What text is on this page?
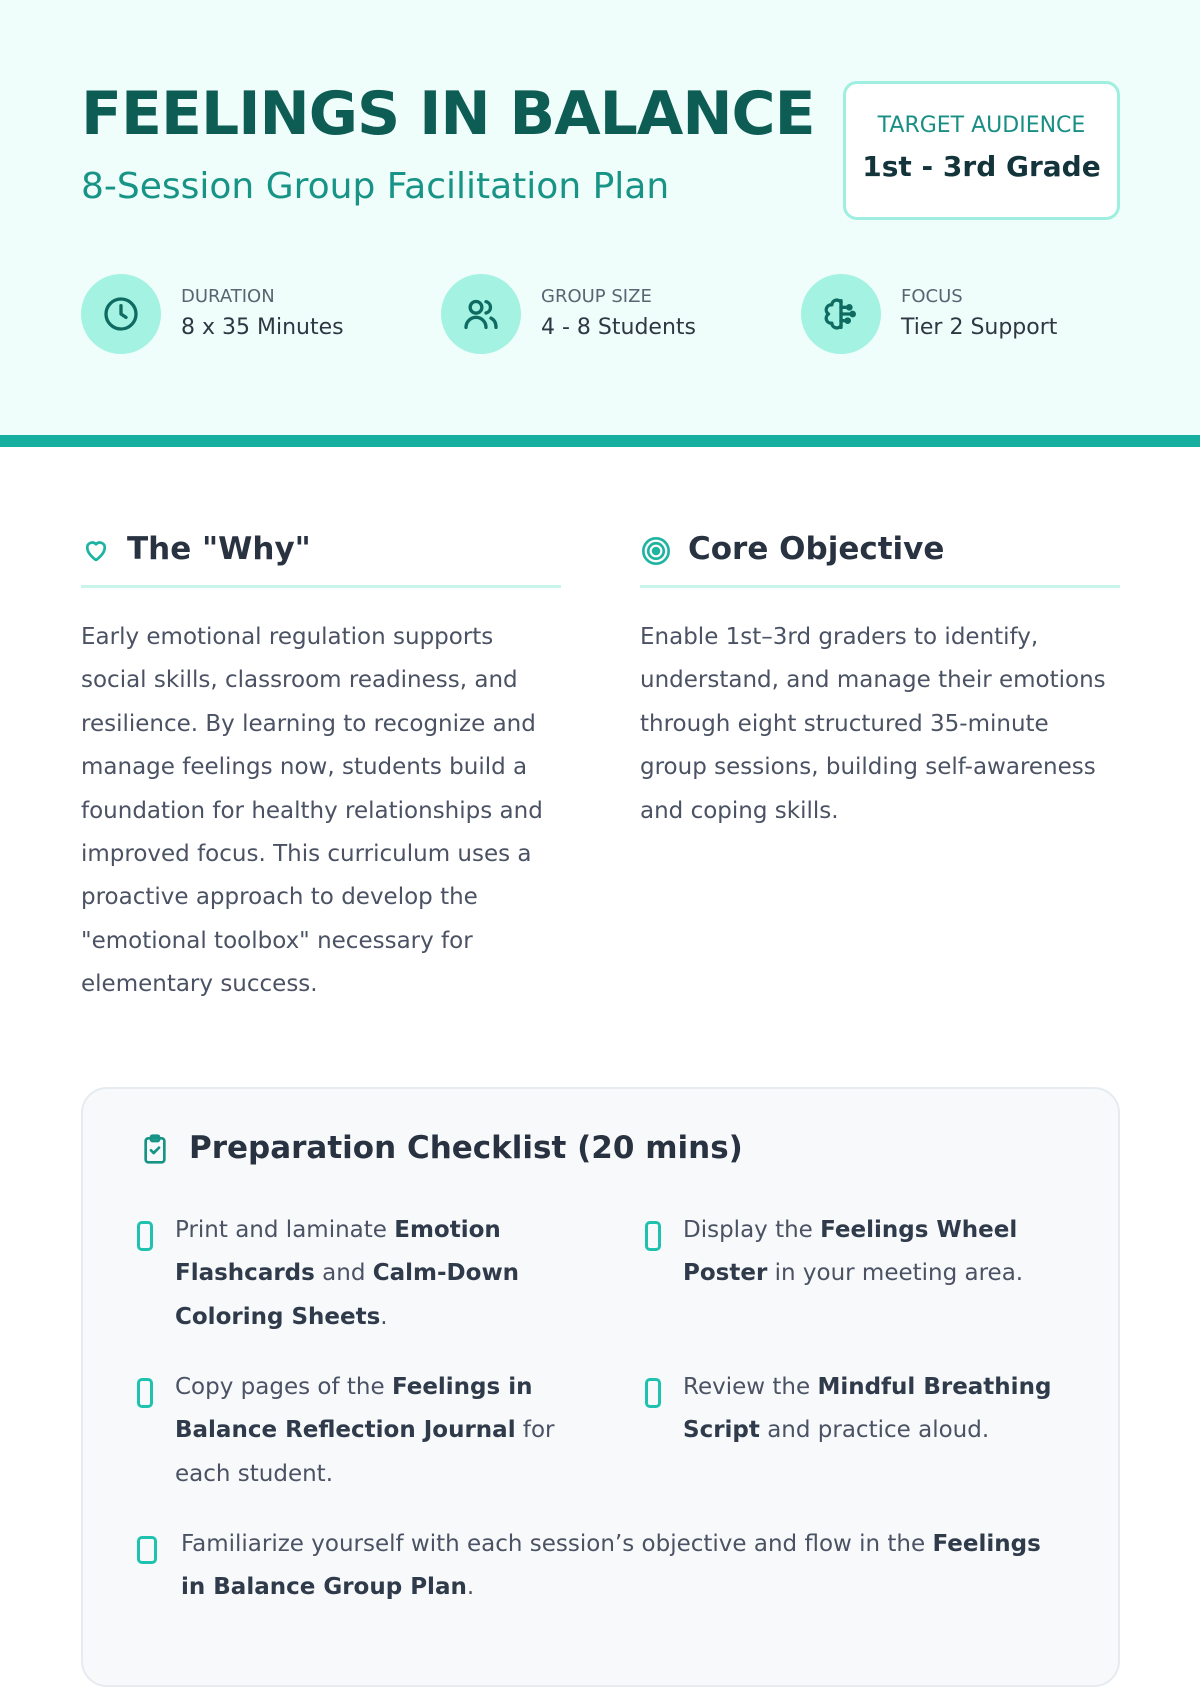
FEELINGS IN BALANCE
8-Session Group Facilitation Plan
TARGET AUDIENCE
1st - 3rd Grade
DURATION
8 x 35 Minutes
GROUP SIZE
4 - 8 Students
FOCUS
Tier 2 Support
The "Why"
Early emotional regulation supports
social skills, classroom readiness, and
resilience. By learning to recognize and
manage feelings now, students build a
foundation for healthy relationships and
improved focus. This curriculum uses a
proactive approach to develop the
"emotional toolbox" necessary for
elementary success.
Core Objective
Enable 1st–3rd graders to identify,
understand, and manage their emotions
through eight structured 35-minute
group sessions, building self-awareness
and coping skills.
Preparation Checklist (20 mins)
Print and laminate Emotion
Flashcards and Calm-Down
Coloring Sheets.
Display the Feelings Wheel
Poster in your meeting area.
Copy pages of the Feelings in
Balance Reflection Journal for
each student.
Review the Mindful Breathing
Script and practice aloud.
Familiarize yourself with each session’s objective and flow in the Feelings
in Balance Group Plan.
